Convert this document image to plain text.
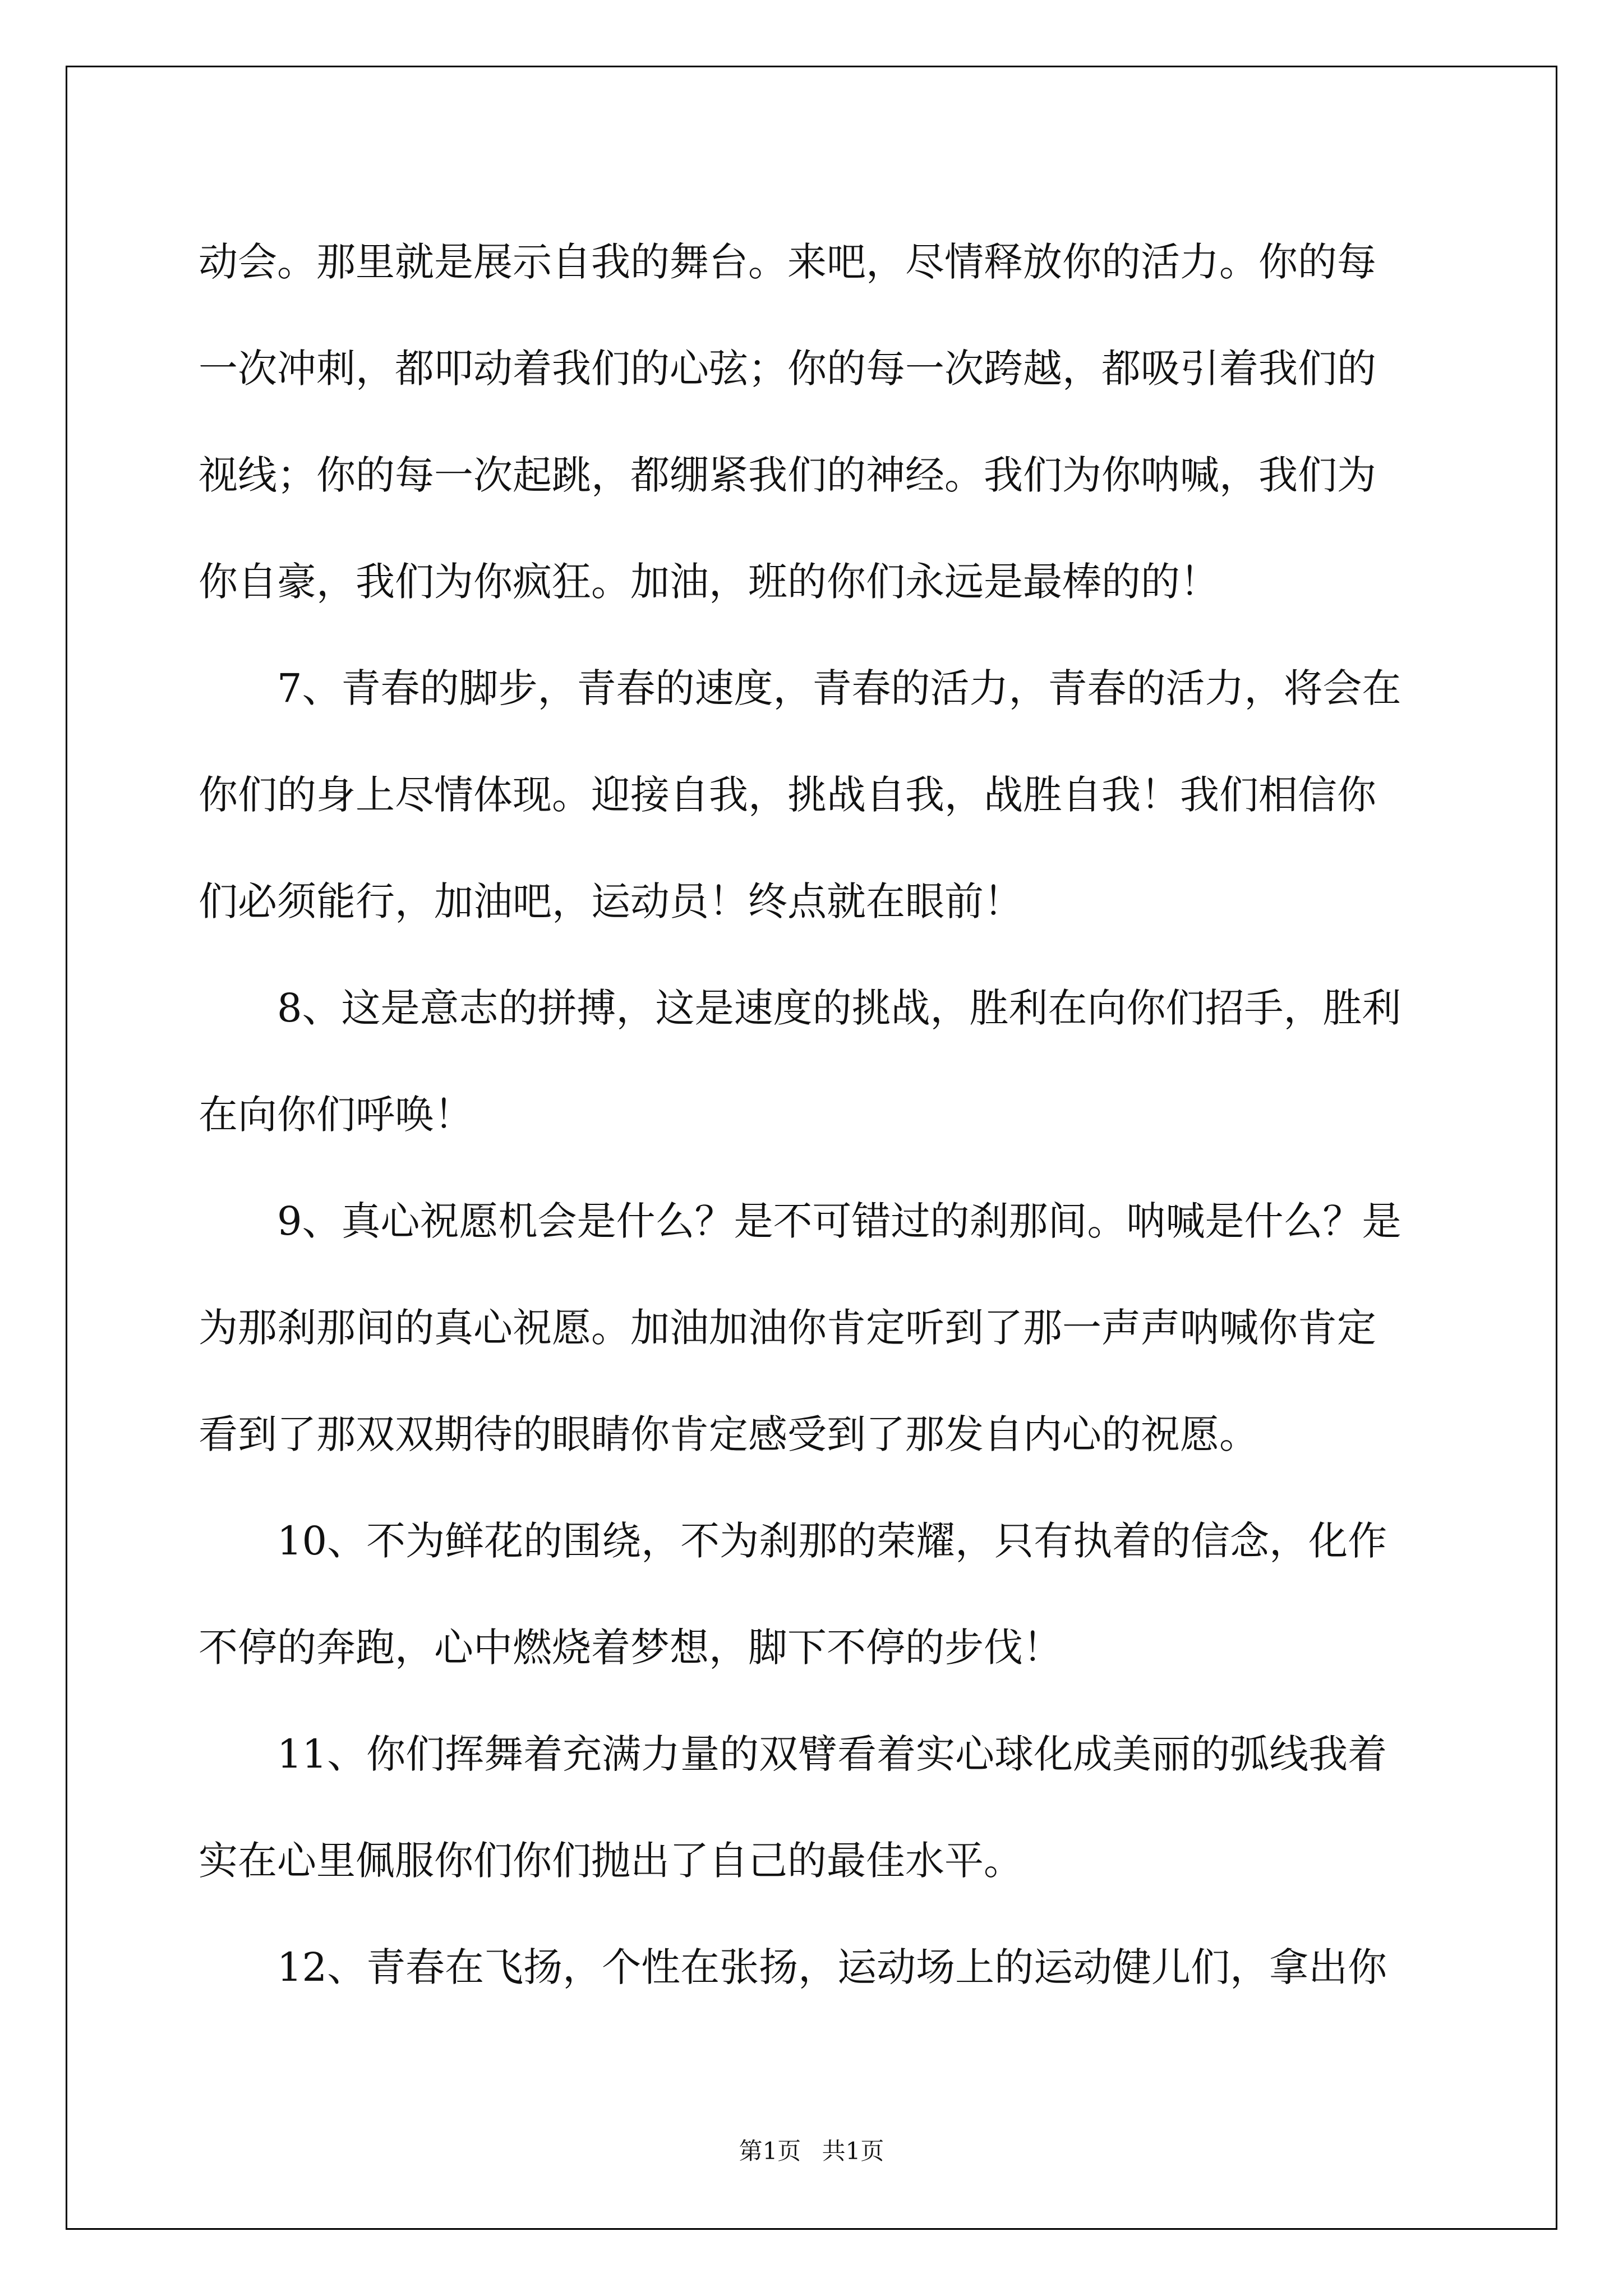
动会。那里就是展示自我的舞台。来吧，尽情释放你的活力。你的每
一次冲刺，都叩动着我们的心弦；你的每一次跨越，都吸引着我们的
视线；你的每一次起跳，都绷紧我们的神经。我们为你呐喊，我们为
你自豪，我们为你疯狂。加油，班的你们永远是最棒的的！
7、青春的脚步，青春的速度，青春的活力，青春的活力，将会在
你们的身上尽情体现。迎接自我，挑战自我，战胜自我！我们相信你
们必须能行，加油吧，运动员！终点就在眼前！
8、这是意志的拼搏，这是速度的挑战，胜利在向你们招手，胜利
在向你们呼唤！
9、真心祝愿机会是什么？是不可错过的刹那间。呐喊是什么？是
为那刹那间的真心祝愿。加油加油你肯定听到了那一声声呐喊你肯定
看到了那双双期待的眼睛你肯定感受到了那发自内心的祝愿。
10、不为鲜花的围绕，不为刹那的荣耀，只有执着的信念，化作
不停的奔跑，心中燃烧着梦想，脚下不停的步伐！
11、你们挥舞着充满力量的双臂看着实心球化成美丽的弧线我着
实在心里佩服你们你们抛出了自己的最佳水平。
12、青春在飞扬，个性在张扬，运动场上的运动健儿们，拿出你
第1页 共1页
